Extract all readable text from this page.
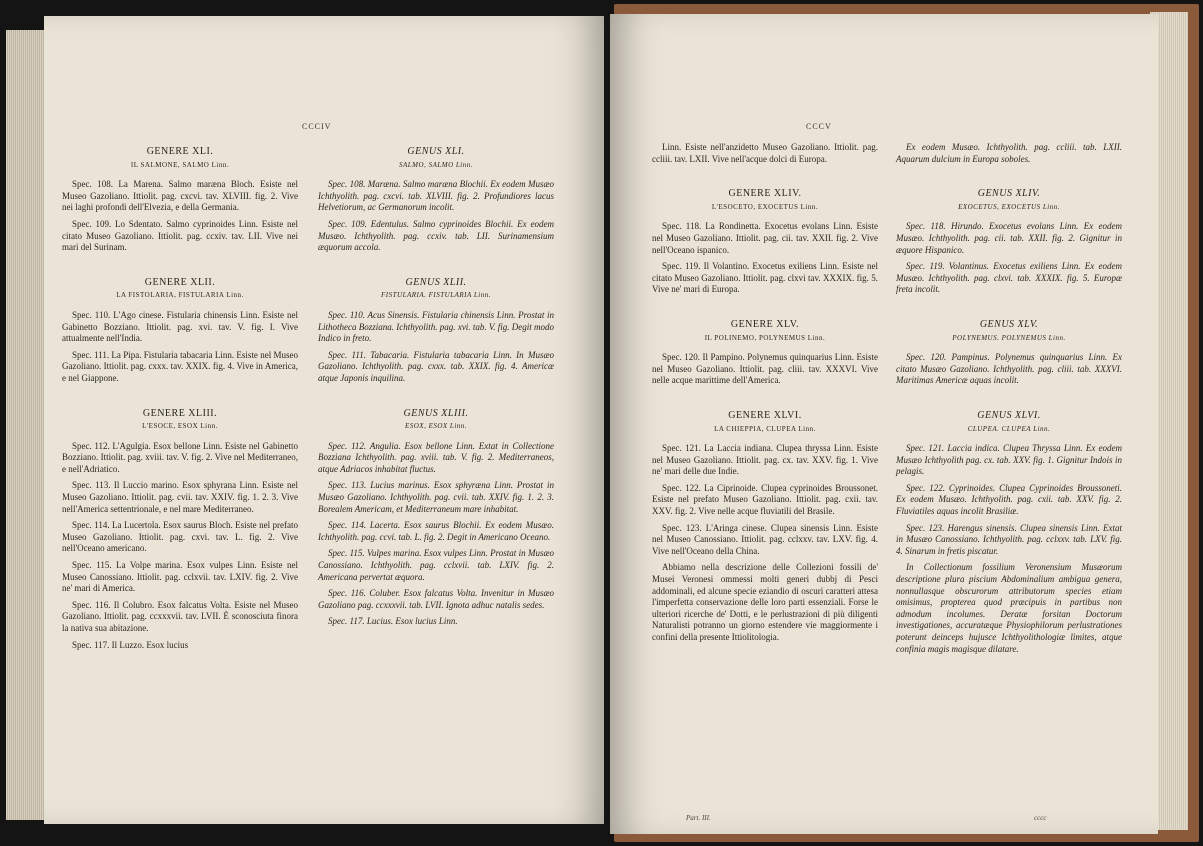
CCCIV
GENERE XLI.
IL SALMONE, SALMO Linn.

Spec. 108. La Marena. Salmo maræna Bloch. Esiste nel Museo Gazoliano. Ittiolit. pag. cxcvi. tav. XLVIII. fig. 2. Vive nei laghi profondi dell'Elvezia, e della Germania.

Spec. 109. Lo Sdentato. Salmo cyprinoides Linn. Esiste nel citato Museo Gazoliano. Ittiolit. pag. ccxiv. tav. LII. Vive nei mari del Surinam.

GENERE XLII.
LA FISTOLARIA, FISTULARIA Linn.

Spec. 110. L'Ago cinese. Fistularia chinensis Linn. Esiste nel Gabinetto Bozziano. Ittiolit. pag. xvi. tav. V. fig. I. Vive attualmente nell'India.

Spec. 111. La Pipa. Fistularia tabacaria Linn. Esiste nel Museo Gazoliano. Ittiolit. pag. cxxx. tav. XXIX. fig. 4. Vive in America, e nel Giappone.

GENERE XLIII.
L'ESOCE, ESOX Linn.

Spec. 112. L'Agulgia. Esox bellone Linn. Esiste nel Gabinetto Bozziano. Ittiolit. pag. xviii. tav. V. fig. 2. Vive nel Mediterraneo, e nell'Adriatico.

Spec. 113. Il Luccio marino. Esox sphyrana Linn. Esiste nel Museo Gazoliano. Ittiolit. pag. cvii. tav. XXIV. fig. 1. 2. 3. Vive nell'America settentrionale, e nel mare Mediterraneo.

Spec. 114. La Lucertola. Esox saurus Bloch. Esiste nel prefato Museo Gazoliano. Ittiolit. pag. cxvi. tav. L. fig. 2. Vive nell'Oceano americano.

Spec. 115. La Volpe marina. Esox vulpes Linn. Esiste nel Museo Canossiano. Ittiolit. pag. cclxvii. tav. LXIV. fig. 2. Vive ne' mari di America.

Spec. 116. Il Colubro. Esox falcatus Volta. Esiste nel Museo Gazoliano. Ittiolit. pag. ccxxxvii. tav. LVII. È sconosciuta finora la nativa sua abitazione.

Spec. 117. Il Luzzo. Esox lucius

GENUS XLI.
SALMO, SALMO Linn.

Spec. 108. Maræna. Salmo maræna Blochii. Ex eodem Musæo Ichthyolith. pag. cxcvi. tab. XLVIII. fig. 2. Profundiores lacus Helvetiorum, ac Germanorum incolit.

Spec. 109. Edentulus. Salmo cyprinoides Blochii. Ex eodem Musæo. Ichthyolith. pag. ccxiv. tab. LII. Surinamensium æquorum accola.

GENUS XLII.
FISTULARIA. FISTULARIA Linn.

Spec. 110. Acus Sinensis. Fistularia chinensis Linn. Prostat in Lithotheca Bozziana. Ichthyolith. pag. xvi. tab. V. fig. Degit modo Indico in freto.

Spec. 111. Tabacaria. Fistularia tabacaria Linn. In Musæo Gazoliano. Ichthyolith. pag. cxxx. tab. XXIX. fig. 4. Americæ atque Japonis inquilina.

GENUS XLIII.
ESOX, ESOX Linn.

Spec. 112. Angulia. Esox bellone Linn. Extat in Collectione Bozziana Ichthyolith. pag. xviii. tab. V. fig. 2. Mediterraneos, atque Adriacos inhabitat fluctus.

Spec. 113. Lucius marinus. Esox sphyræna Linn. Prostat in Musæo Gazoliano. Ichthyolith. pag. cvii. tab. XXIV. fig. 1. 2. 3. Borealem Americam, et Mediterraneum mare inhabitat.

Spec. 114. Lacerta. Esox saurus Blochii. Ex eodem Musæo. Ichthyolith. pag. ccvi. tab. L. fig. 2. Degit in Americano Oceano.

Spec. 115. Vulpes marina. Esox vulpes Linn. Prostat in Musæo Canossiano. Ichthyolith. pag. cclxvii. tab. LXIV. fig. 2. Americana pervertat æquora.

Spec. 116. Coluber. Esox falcatus Volta. Invenitur in Musæo Gazoliano pag. ccxxxvii. tab. LVII. Ignota adhuc natalis sedes.

Spec. 117. Lucius. Esox lucius Linn.

CCCV

Linn. Esiste nell'anzidetto Museo Gazoliano. Ittiolit. pag. ccliii. tav. LXII. Vive nell'acque dolci di Europa.

GENERE XLIV.
L'ESOCETO, EXOCETUS Linn.

Spec. 118. La Rondinetta. Exocetus evolans Linn. Esiste nel Museo Gazoliano. Ittiolit. pag. cii. tav. XXII. fig. 2. Vive nell'Oceano ispanico.

Spec. 119. Il Volantino. Exocetus exiliens Linn. Esiste nel citato Museo Gazoliano. Ittiolit. pag. clxvi tav. XXXIX. fig. 5. Vive ne' mari di Europa.

GENERE XLV.
IL POLINEMO, POLYNEMUS Linn.

Spec. 120. Il Pampino. Polynemus quinquarius Linn. Esiste nel Museo Gazoliano. Ittiolit. pag. cliii. tav. XXXVI. Vive nelle acque marittime dell'America.

GENERE XLVI.
LA CHIEPPIA, CLUPEA Linn.

Spec. 121. La Laccia indiana. Clupea thryssa Linn. Esiste nel Museo Gazoliano. Ittiolit. pag. cx. tav. XXV. fig. 1. Vive ne' mari delle due Indie.

Spec. 122. La Ciprinoide. Clupea cyprinoides Broussonet. Esiste nel prefato Museo Gazoliano. Ittiolit. pag. cxii. tav. XXV. fig. 2. Vive nelle acque fluviatili del Brasile.

Spec. 123. L'Aringa cinese. Clupea sinensis Linn. Esiste nel Museo Canossiano. Ittiolit. pag. cclxxv. tav. LXV. fig. 4. Vive nell'Oceano della China.

Abbiamo nella descrizione delle Collezioni fossili de' Musei Veronesi ommessi molti generi dubbj di Pesci addominali, ed alcune specie eziandio di oscuri caratteri attesa l'imperfetta conservazione delle loro parti essenziali. Forse le ulteriori ricerche de' Dotti, e le perlustrazioni di più diligenti Naturalisti potranno un giorno estendere vie maggiormente i confini della presente Ittiolitologia.

Ex eodem Musæo. Ichthyolith. pag. ccliii. tab. LXII. Aquarum dulcium in Europa soboles.

GENUS XLIV.
EXOCETUS, EXOCETUS Linn.

Spec. 118. Hirundo. Exocetus evolans Linn. Ex eodem Musæo. Ichthyolith. pag. cii. tab. XXII. fig. 2. Gignitur in æquore Hispanico.

Spec. 119. Volantinus. Exocetus exiliens Linn. Ex eodem Musæo. Ichthyolith. pag. clxvi. tab. XXXIX. fig. 5. Europæ freta incolit.

GENUS XLV.
POLYNEMUS. POLYNEMUS Linn.

Spec. 120. Pampinus. Polynemus quinquarius Linn. Ex citato Musæo Gazoliano. Ichthyolith. pag. cliii. tab. XXXVI. Maritimas Americæ aquas incolit.

GENUS XLVI.
CLUPEA. CLUPEA Linn.

Spec. 121. Laccia indica. Clupea Thryssa Linn. Ex eodem Musæo Ichthyolith pag. cx. tab. XXV. fig. 1. Gignitur Indois in pelagis.

Spec. 122. Cyprinoides. Clupea Cyprinoides Broussoneti. Ex eodem Musæo. Ichthyolith. pag. cxii. tab. XXV. fig. 2. Fluviatiles aquas incolit Brasiliæ.

Spec. 123. Harengus sinensis. Clupea sinensis Linn. Extat in Musæo Canossiano. Ichthyolith. pag. cclxxv. tab. LXV. fig. 4. Sinarum in fretis piscatur.

In Collectionum fossilium Veronensium Musæorum descriptione plura piscium Abdominalium ambigua genera, nonnullasque obscurorum attributorum species etiam omisimus, propterea quod præcipuis in partibus non admodum incolumes. Deratæ forsitan Doctorum investigationes, accuratæque Physiophilorum perlustrationes poterunt deinceps hujusce Ichthyolithologiæ limites, atque confinia magis magisque dilatare.

Part. III.	cccc
